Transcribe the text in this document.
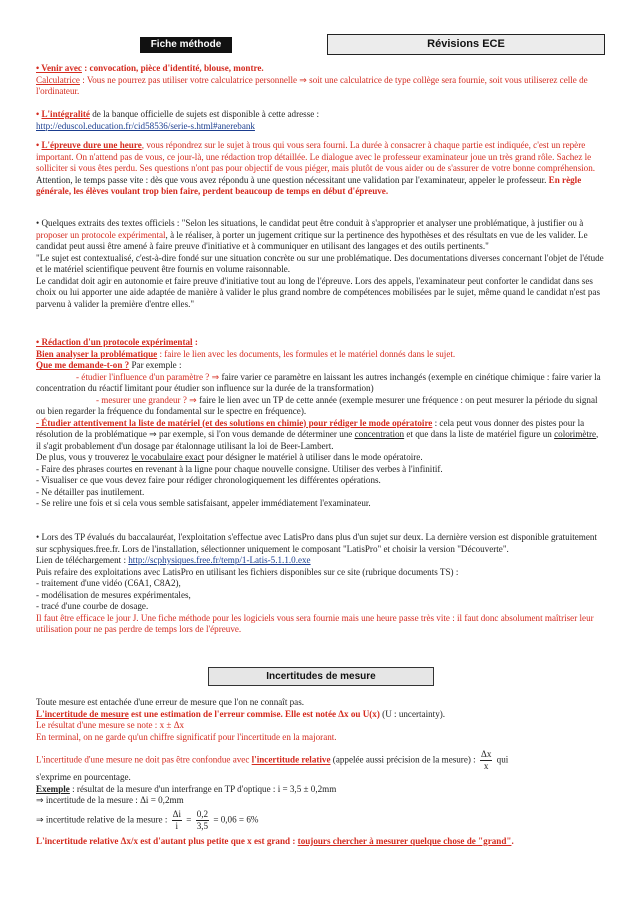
Fiche méthode	Révisions ECE

• Venir avec : convocation, pièce d'identité, blouse, montre.

Calculatrice : Vous ne pourrez pas utiliser votre calculatrice personnelle ⇒ soit une calculatrice de type collège sera fournie, soit vous utiliserez celle de l'ordinateur.

• L'intégralité de la banque officielle de sujets est disponible à cette adresse :

http://eduscol.education.fr/cid58536/serie-s.html#anerebank

• L'épreuve dure une heure, vous répondrez sur le sujet à trous qui vous sera fourni. La durée à consacrer à chaque partie est indiquée, c'est un repère important. On n'attend pas de vous, ce jour-là, une rédaction trop détaillée. Le dialogue avec le professeur examinateur joue un très grand rôle. Sachez le solliciter si vous êtes perdu. Ses questions n'ont pas pour objectif de vous piéger, mais plutôt de vous aider ou de s'assurer de votre bonne compréhension. Attention, le temps passe vite : dès que vous avez répondu à une question nécessitant une validation par l'examinateur, appeler le professeur. En règle générale, les élèves voulant trop bien faire, perdent beaucoup de temps en début d'épreuve.

• Quelques extraits des textes officiels : "Selon les situations, le candidat peut être conduit à s'approprier et analyser une problématique, à justifier ou à proposer un protocole expérimental, à le réaliser, à porter un jugement critique sur la pertinence des hypothèses et des résultats en vue de les valider. Le candidat peut aussi être amené à faire preuve d'initiative et à communiquer en utilisant des langages et des outils pertinents."

"Le sujet est contextualisé, c'est-à-dire fondé sur une situation concrète ou sur une problématique. Des documentations diverses concernant l'objet de l'étude et le matériel scientifique peuvent être fournis en volume raisonnable.

Le candidat doit agir en autonomie et faire preuve d'initiative tout au long de l'épreuve. Lors des appels, l'examinateur peut conforter le candidat dans ses choix ou lui apporter une aide adaptée de manière à valider le plus grand nombre de compétences mobilisées par le sujet, même quand le candidat n'est pas parvenu à valider la première d'entre elles."

• Rédaction d'un protocole expérimental :

Bien analyser la problématique : faire le lien avec les documents, les formules et le matériel donnés dans le sujet.

Que me demande-t-on ? Par exemple :

- étudier l'influence d'un paramètre ? ⇒ faire varier ce paramètre en laissant les autres inchangés (exemple en cinétique chimique : faire varier la concentration du réactif limitant pour étudier son influence sur la durée de la transformation)

- mesurer une grandeur ? ⇒ faire le lien avec un TP de cette année (exemple mesurer une fréquence : on peut mesurer la période du signal ou bien regarder la fréquence du fondamental sur le spectre en fréquence).

- Étudier attentivement la liste de matériel (et des solutions en chimie) pour rédiger le mode opératoire : cela peut vous donner des pistes pour la résolution de la problématique ⇒ par exemple, si l'on vous demande de déterminer une concentration et que dans la liste de matériel figure un colorimètre, il s'agit probablement d'un dosage par étalonnage utilisant la loi de Beer-Lambert.

De plus, vous y trouverez le vocabulaire exact pour désigner le matériel à utiliser dans le mode opératoire.

- Faire des phrases courtes en revenant à la ligne pour chaque nouvelle consigne. Utiliser des verbes à l'infinitif.

- Visualiser ce que vous devez faire pour rédiger chronologiquement les différentes opérations.

- Ne détailler pas inutilement.

- Se relire une fois et si cela vous semble satisfaisant, appeler immédiatement l'examinateur.

• Lors des TP évalués du baccalauréat, l'exploitation s'effectue avec LatisPro dans plus d'un sujet sur deux. La dernière version est disponible gratuitement sur scphysiques.free.fr. Lors de l'installation, sélectionner uniquement le composant "LatisPro" et choisir la version "Découverte".

Lien de téléchargement : http://scphysiques.free.fr/temp/1-Latis-5.1.1.0.exe

Puis refaire des exploitations avec LatisPro en utilisant les fichiers disponibles sur ce site (rubrique documents TS) :

- traitement d'une vidéo (C6A1, C8A2),

- modélisation de mesures expérimentales,

- tracé d'une courbe de dosage.

Il faut être efficace le jour J. Une fiche méthode pour les logiciels vous sera fournie mais une heure passe très vite : il faut donc absolument maîtriser leur utilisation pour ne pas perdre de temps lors de l'épreuve.

Incertitudes de mesure

Toute mesure est entachée d'une erreur de mesure que l'on ne connaît pas.

L'incertitude de mesure est une estimation de l'erreur commise. Elle est notée Δx ou U(x) (U : uncertainty).

Le résultat d'une mesure se note : x ± Δx

En terminal, on ne garde qu'un chiffre significatif pour l'incertitude en la majorant.

L'incertitude d'une mesure ne doit pas être confondue avec l'incertitude relative (appelée aussi précision de la mesure) : $\frac{\Delta x}{x}$ qui

s'exprime en pourcentage.

Exemple : résultat de la mesure d'un interfrange en TP d'optique : i = 3,5 ± 0,2mm

⇒ incertitude de la mesure : Δi = 0,2mm

⇒ incertitude relative de la mesure : $\frac{\Delta i}{i} = \frac{0,2}{3,5} = 0,06 = 6\%$

L'incertitude relative Δx/x est d'autant plus petite que x est grand : toujours chercher à mesurer quelque chose de "grand".
